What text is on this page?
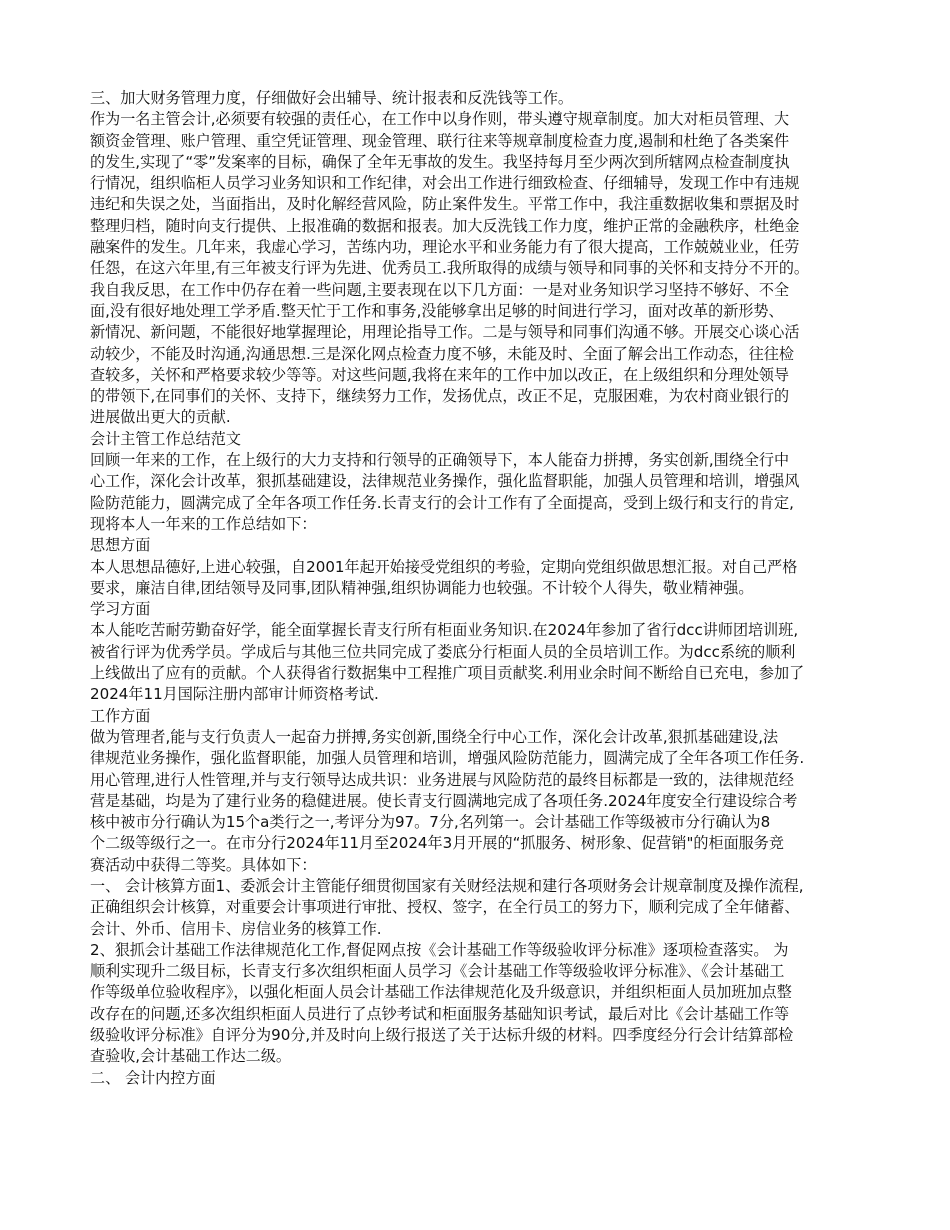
三、加大财务管理力度，仔细做好会出辅导、统计报表和反洗钱等工作。
作为一名主管会计,必须要有较强的责任心，在工作中以身作则，带头遵守规章制度。加大对柜员管理、大
额资金管理、账户管理、重空凭证管理、现金管理、联行往来等规章制度检查力度,遏制和杜绝了各类案件
的发生,实现了“零”发案率的目标，确保了全年无事故的发生。我坚持每月至少两次到所辖网点检查制度执
行情况，组织临柜人员学习业务知识和工作纪律，对会出工作进行细致检查、仔细辅导，发现工作中有违规
违纪和失误之处，当面指出，及时化解经营风险，防止案件发生。平常工作中，我注重数据收集和票据及时
整理归档，随时向支行提供、上报准确的数据和报表。加大反洗钱工作力度，维护正常的金融秩序，杜绝金
融案件的发生。几年来，我虚心学习，苦练内功，理论水平和业务能力有了很大提高，工作兢兢业业，任劳
任怨，在这六年里,有三年被支行评为先进、优秀员工.我所取得的成绩与领导和同事的关怀和支持分不开的。
我自我反思，在工作中仍存在着一些问题,主要表现在以下几方面：一是对业务知识学习坚持不够好、不全
面,没有很好地处理工学矛盾.整天忙于工作和事务,没能够拿出足够的时间进行学习，面对改革的新形势、
新情况、新问题，不能很好地掌握理论，用理论指导工作。二是与领导和同事们沟通不够。开展交心谈心活
动较少，不能及时沟通,沟通思想.三是深化网点检查力度不够，未能及时、全面了解会出工作动态，往往检
查较多，关怀和严格要求较少等等。对这些问题,我将在来年的工作中加以改正，在上级组织和分理处领导
的带领下,在同事们的关怀、支持下，继续努力工作，发扬优点，改正不足，克服困难，为农村商业银行的
进展做出更大的贡献.
会计主管工作总结范文
回顾一年来的工作，在上级行的大力支持和行领导的正确领导下，本人能奋力拼搏，务实创新,围绕全行中
心工作，深化会计改革，狠抓基础建设，法律规范业务操作，强化监督职能，加强人员管理和培训，增强风
险防范能力，圆满完成了全年各项工作任务.长青支行的会计工作有了全面提高，受到上级行和支行的肯定,
现将本人一年来的工作总结如下：
思想方面
本人思想品德好,上进心较强，自2001年起开始接受党组织的考验，定期向党组织做思想汇报。对自己严格
要求，廉洁自律,团结领导及同事,团队精神强,组织协调能力也较强。不计较个人得失，敬业精神强。
学习方面
本人能吃苦耐劳勤奋好学，能全面掌握长青支行所有柜面业务知识.在2024年参加了省行dcc讲师团培训班,
被省行评为优秀学员。学成后与其他三位共同完成了娄底分行柜面人员的全员培训工作。为dcc系统的顺利
上线做出了应有的贡献。个人获得省行数据集中工程推广项目贡献奖.利用业余时间不断给自已充电，参加了
2024年11月国际注册内部审计师资格考试.
工作方面
做为管理者,能与支行负责人一起奋力拼搏,务实创新,围绕全行中心工作，深化会计改革,狠抓基础建设,法
律规范业务操作，强化监督职能，加强人员管理和培训，增强风险防范能力，圆满完成了全年各项工作任务.
用心管理,进行人性管理,并与支行领导达成共识：业务进展与风险防范的最终目标都是一致的，法律规范经
营是基础，均是为了建行业务的稳健进展。使长青支行圆满地完成了各项任务.2024年度安全行建设综合考
核中被市分行确认为15个a类行之一,考评分为97。7分,名列第一。会计基础工作等级被市分行确认为8
个二级等级行之一。在市分行2024年11月至2024年3月开展的“抓服务、树形象、促营销"的柜面服务竞
赛活动中获得二等奖。具体如下：
一、 会计核算方面1、委派会计主管能仔细贯彻国家有关财经法规和建行各项财务会计规章制度及操作流程,
正确组织会计核算，对重要会计事项进行审批、授权、签字，在全行员工的努力下，顺利完成了全年储蓄、
会计、外币、信用卡、房信业务的核算工作.
2、狠抓会计基础工作法律规范化工作,督促网点按《会计基础工作等级验收评分标准》逐项检查落实。 为
顺利实现升二级目标，长青支行多次组织柜面人员学习《会计基础工作等级验收评分标准》、《会计基础工
作等级单位验收程序》，以强化柜面人员会计基础工作法律规范化及升级意识，并组织柜面人员加班加点整
改存在的问题,还多次组织柜面人员进行了点钞考试和柜面服务基础知识考试，最后对比《会计基础工作等
级验收评分标准》自评分为90分,并及时向上级行报送了关于达标升级的材料。四季度经分行会计结算部检
查验收,会计基础工作达二级。
二、 会计内控方面
